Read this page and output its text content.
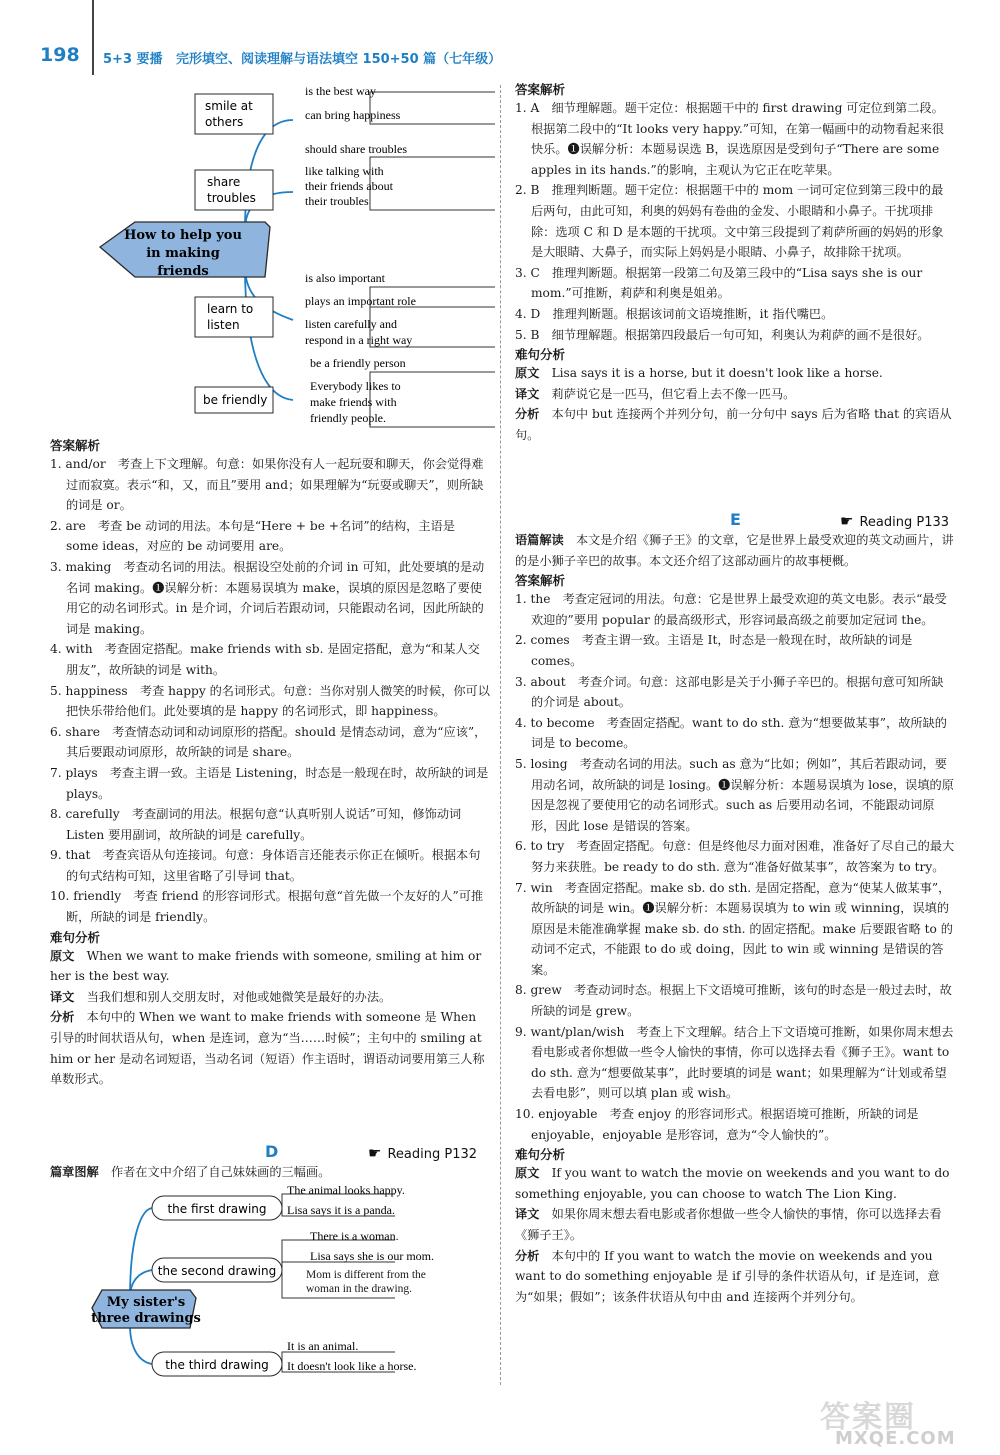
198 5+3 要播 完形填空、阅读理解与语法填空 150+50 篇（七年级）
How to help you
in making
friends
smile at
others
is the best way
can bring happiness
share
troubles
should share troubles
like talking with
their friends about
their troubles
learn to
listen
is also important
plays an important role
listen carefully and
respond in a right way
be friendly
be a friendly person
Everybody likes to
make friends with
friendly people.

答案解析

1. and/or　考查上下文理解。句意：如果你没有人一起玩耍和聊天，你会觉得难过而寂寞。表示“和，又，而且”要用 and；如果理解为“玩耍或聊天”，则所缺的词是 or。

2. are　考查 be 动词的用法。本句是“Here + be +名词”的结构，主语是 some ideas，对应的 be 动词要用 are。

3. making　考查动名词的用法。根据设空处前的介词 in 可知，此处要填的是动名词 making。❶误解分析：本题易误填为 make，误填的原因是忽略了要使用它的动名词形式。in 是介词，介词后若跟动词，只能跟动名词，因此所缺的词是 making。

4. with　考查固定搭配。make friends with sb. 是固定搭配，意为“和某人交朋友”，故所缺的词是 with。

5. happiness　考查 happy 的名词形式。句意：当你对别人微笑的时候，你可以把快乐带给他们。此处要填的是 happy 的名词形式，即 happiness。

6. share　考查情态动词和动词原形的搭配。should 是情态动词，意为“应该”，其后要跟动词原形，故所缺的词是 share。

7. plays　考查主谓一致。主语是 Listening，时态是一般现在时，故所缺的词是 plays。

8. carefully　考查副词的用法。根据句意“认真听别人说话”可知，修饰动词 Listen 要用副词，故所缺的词是 carefully。

9. that　考查宾语从句连接词。句意：身体语言还能表示你正在倾听。根据本句的句式结构可知，这里省略了引导词 that。

10. friendly　考查 friend 的形容词形式。根据句意“首先做一个友好的人”可推断，所缺的词是 friendly。

难句分析

原文　 When we want to make friends with someone, smiling at him or her is the best way.

译文　 当我们想和别人交朋友时，对他或她微笑是最好的办法。

分析　 本句中的 When we want to make friends with someone 是 When 引导的时间状语从句，when 是连词，意为“当……时候”；主句中的 smiling at him or her 是动名词短语，当动名词（短语）作主语时，谓语动词要用第三人称单数形式。

D	☛ Reading P132

篇章图解　 作者在文中介绍了自己妹妹画的三幅画。

the first drawing
The animal looks happy.
Lisa says it is a panda.
the second drawing
There is a woman.
Lisa says she is our mom.
Mom is different from the woman in the drawing.
My sister's
three drawings
the third drawing
It is an animal.
It doesn't look like a horse.

答案解析

1. A　细节理解题。题干定位：根据题干中的 first drawing 可定位到第二段。根据第二段中的“It looks very happy.”可知，在第一幅画中的动物看起来很快乐。❶误解分析：本题易误选 B，误选原因是受到句子“There are some apples in its hands.”的影响，主观认为它正在吃苹果。

2. B　推理判断题。题干定位：根据题干中的 mom 一词可定位到第三段中的最后两句，由此可知，利奥的妈妈有卷曲的金发、小眼睛和小鼻子。干扰项排除：选项 C 和 D 是本题的干扰项。文中第三段提到了莉萨所画的妈妈的形象是大眼睛、大鼻子，而实际上妈妈是小眼睛、小鼻子，故排除干扰项。

3. C　推理判断题。根据第一段第二句及第三段中的“Lisa says she is our mom.”可推断，莉萨和利奥是姐弟。

4. D　推理判断题。根据该词前文语境推断，it 指代嘴巴。

5. B　细节理解题。根据第四段最后一句可知，利奥认为莉萨的画不是很好。

难句分析

原文　 Lisa says it is a horse, but it doesn't look like a horse.

译文　 莉萨说它是一匹马，但它看上去不像一匹马。

分析　 本句中 but 连接两个并列分句，前一分句中 says 后为省略 that 的宾语从句。

E	☛ Reading P133

语篇解读　 本文是介绍《狮子王》的文章，它是世界上最受欢迎的英文动画片，讲的是小狮子辛巴的故事。本文还介绍了这部动画片的故事梗概。

答案解析

1. the　考查定冠词的用法。句意：它是世界上最受欢迎的英文电影。表示“最受欢迎的”要用 popular 的最高级形式，形容词最高级之前要加定冠词 the。

2. comes　考查主谓一致。主语是 It，时态是一般现在时，故所缺的词是 comes。

3. about　考查介词。句意：这部电影是关于小狮子辛巴的。根据句意可知所缺的介词是 about。

4. to become　考查固定搭配。want to do sth. 意为“想要做某事”，故所缺的词是 to become。

5. losing　考查动名词的用法。such as 意为“比如；例如”，其后若跟动词，要用动名词，故所缺的词是 losing。❶误解分析：本题易误填为 lose，误填的原因是忽视了要使用它的动名词形式。such as 后要用动名词，不能跟动词原形，因此 lose 是错误的答案。

6. to try　考查固定搭配。句意：但是终他尽力面对困难，准备好了尽自己的最大努力来获胜。be ready to do sth. 意为“准备好做某事”，故答案为 to try。

7. win　考查固定搭配。make sb. do sth. 是固定搭配，意为“使某人做某事”，故所缺的词是 win。❶误解分析：本题易误填为 to win 或 winning，误填的原因是未能准确掌握 make sb. do sth. 的固定搭配。make 后要跟省略 to 的动词不定式，不能跟 to do 或 doing，因此 to win 或 winning 是错误的答案。

8. grew　考查动词时态。根据上下文语境可推断，该句的时态是一般过去时，故所缺的词是 grew。

9. want/plan/wish　考查上下文理解。结合上下文语境可推断，如果你周末想去看电影或者你想做一些令人愉快的事情，你可以选择去看《狮子王》。want to do sth. 意为“想要做某事”，此时要填的词是 want；如果理解为“计划或希望去看电影”，则可以填 plan 或 wish。

10. enjoyable　考查 enjoy 的形容词形式。根据语境可推断，所缺的词是 enjoyable，enjoyable 是形容词，意为“令人愉快的”。

难句分析

原文　 If you want to watch the movie on weekends and you want to do something enjoyable, you can choose to watch The Lion King.

译文　 如果你周末想去看电影或者你想做一些令人愉快的事情，你可以选择去看《狮子王》。

分析　 本句中的 If you want to watch the movie on weekends and you want to do something enjoyable 是 if 引导的条件状语从句，if 是连词，意为“如果；假如”；该条件状语从句中由 and 连接两个并列分句。

答案圈
MXQE.COM
